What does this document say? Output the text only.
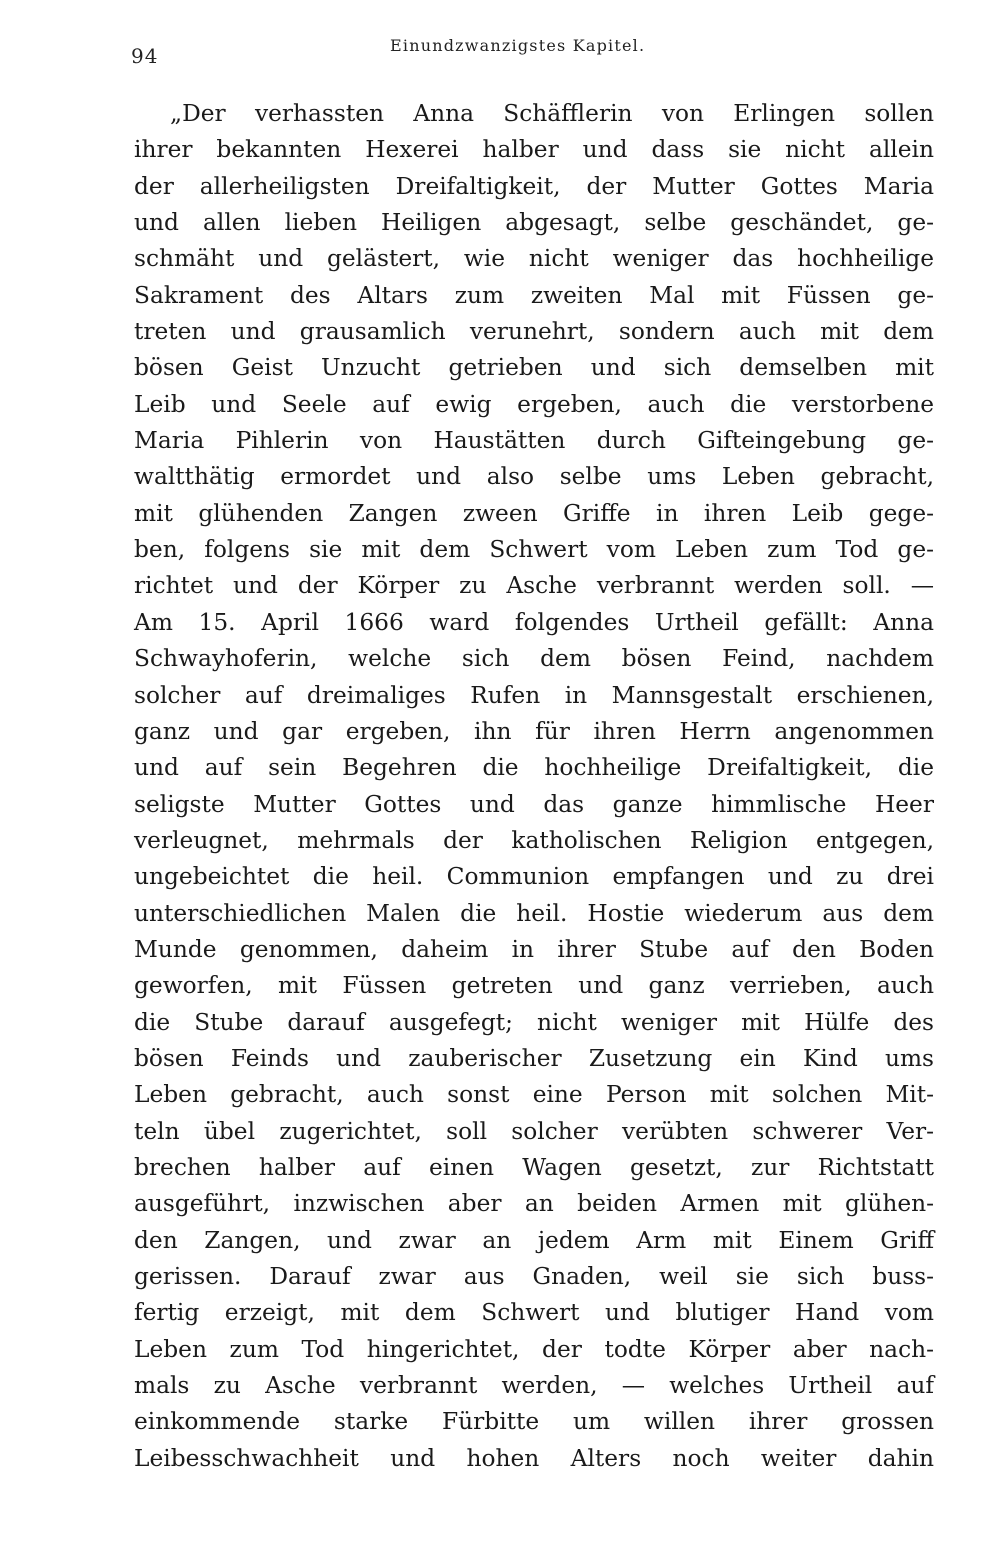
94	Einundzwanzigstes Kapitel.
„Der verhassten Anna Schäfflerin von Erlingen sollen
ihrer bekannten Hexerei halber und dass sie nicht allein
der allerheiligsten Dreifaltigkeit, der Mutter Gottes Maria
und allen lieben Heiligen abgesagt, selbe geschändet, ge-
schmäht und gelästert, wie nicht weniger das hochheilige
Sakrament des Altars zum zweiten Mal mit Füssen ge-
treten und grausamlich verunehrt, sondern auch mit dem
bösen Geist Unzucht getrieben und sich demselben mit
Leib und Seele auf ewig ergeben, auch die verstorbene
Maria Pihlerin von Haustätten durch Gifteingebung ge-
waltthätig ermordet und also selbe ums Leben gebracht,
mit glühenden Zangen zween Griffe in ihren Leib gege-
ben, folgens sie mit dem Schwert vom Leben zum Tod ge-
richtet und der Körper zu Asche verbrannt werden soll. —
Am 15. April 1666 ward folgendes Urtheil gefällt: Anna
Schwayhoferin, welche sich dem bösen Feind, nachdem
solcher auf dreimaliges Rufen in Mannsgestalt erschienen,
ganz und gar ergeben, ihn für ihren Herrn angenommen
und auf sein Begehren die hochheilige Dreifaltigkeit, die
seligste Mutter Gottes und das ganze himmlische Heer
verleugnet, mehrmals der katholischen Religion entgegen,
ungebeichtet die heil. Communion empfangen und zu drei
unterschiedlichen Malen die heil. Hostie wiederum aus dem
Munde genommen, daheim in ihrer Stube auf den Boden
geworfen, mit Füssen getreten und ganz verrieben, auch
die Stube darauf ausgefegt; nicht weniger mit Hülfe des
bösen Feinds und zauberischer Zusetzung ein Kind ums
Leben gebracht, auch sonst eine Person mit solchen Mit-
teln übel zugerichtet, soll solcher verübten schwerer Ver-
brechen halber auf einen Wagen gesetzt, zur Richtstatt
ausgeführt, inzwischen aber an beiden Armen mit glühen-
den Zangen, und zwar an jedem Arm mit Einem Griff
gerissen. Darauf zwar aus Gnaden, weil sie sich buss-
fertig erzeigt, mit dem Schwert und blutiger Hand vom
Leben zum Tod hingerichtet, der todte Körper aber nach-
mals zu Asche verbrannt werden, — welches Urtheil auf
einkommende starke Fürbitte um willen ihrer grossen
Leibesschwachheit und hohen Alters noch weiter dahin
